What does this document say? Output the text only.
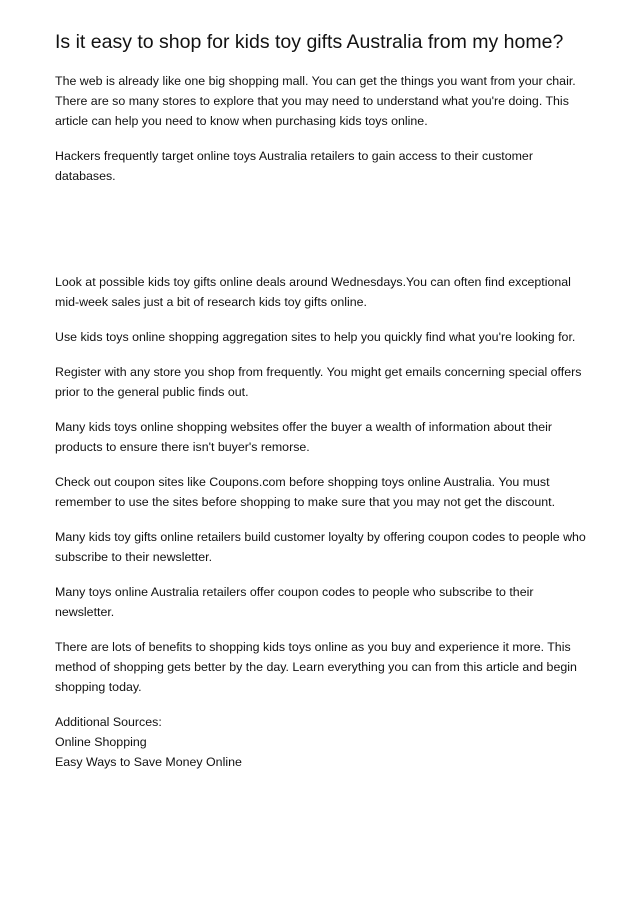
Is it easy to shop for kids toy gifts Australia from my home?

The web is already like one big shopping mall. You can get the things you want from your chair. There are so many stores to explore that you may need to understand what you're doing. This article can help you need to know when purchasing kids toys online.

Hackers frequently target online toys Australia retailers to gain access to their customer databases.

Look at possible kids toy gifts online deals around Wednesdays.You can often find exceptional mid-week sales just a bit of research kids toy gifts online.

Use kids toys online shopping aggregation sites to help you quickly find what you're looking for.

Register with any store you shop from frequently. You might get emails concerning special offers prior to the general public finds out.

Many kids toys online shopping websites offer the buyer a wealth of information about their products to ensure there isn't buyer's remorse.

Check out coupon sites like Coupons.com before shopping toys online Australia. You must remember to use the sites before shopping to make sure that you may not get the discount.

Many kids toy gifts online retailers build customer loyalty by offering coupon codes to people who subscribe to their newsletter.

Many toys online Australia retailers offer coupon codes to people who subscribe to their newsletter.

There are lots of benefits to shopping kids toys online as you buy and experience it more. This method of shopping gets better by the day. Learn everything you can from this article and begin shopping today.

Additional Sources:
Online Shopping
Easy Ways to Save Money Online
